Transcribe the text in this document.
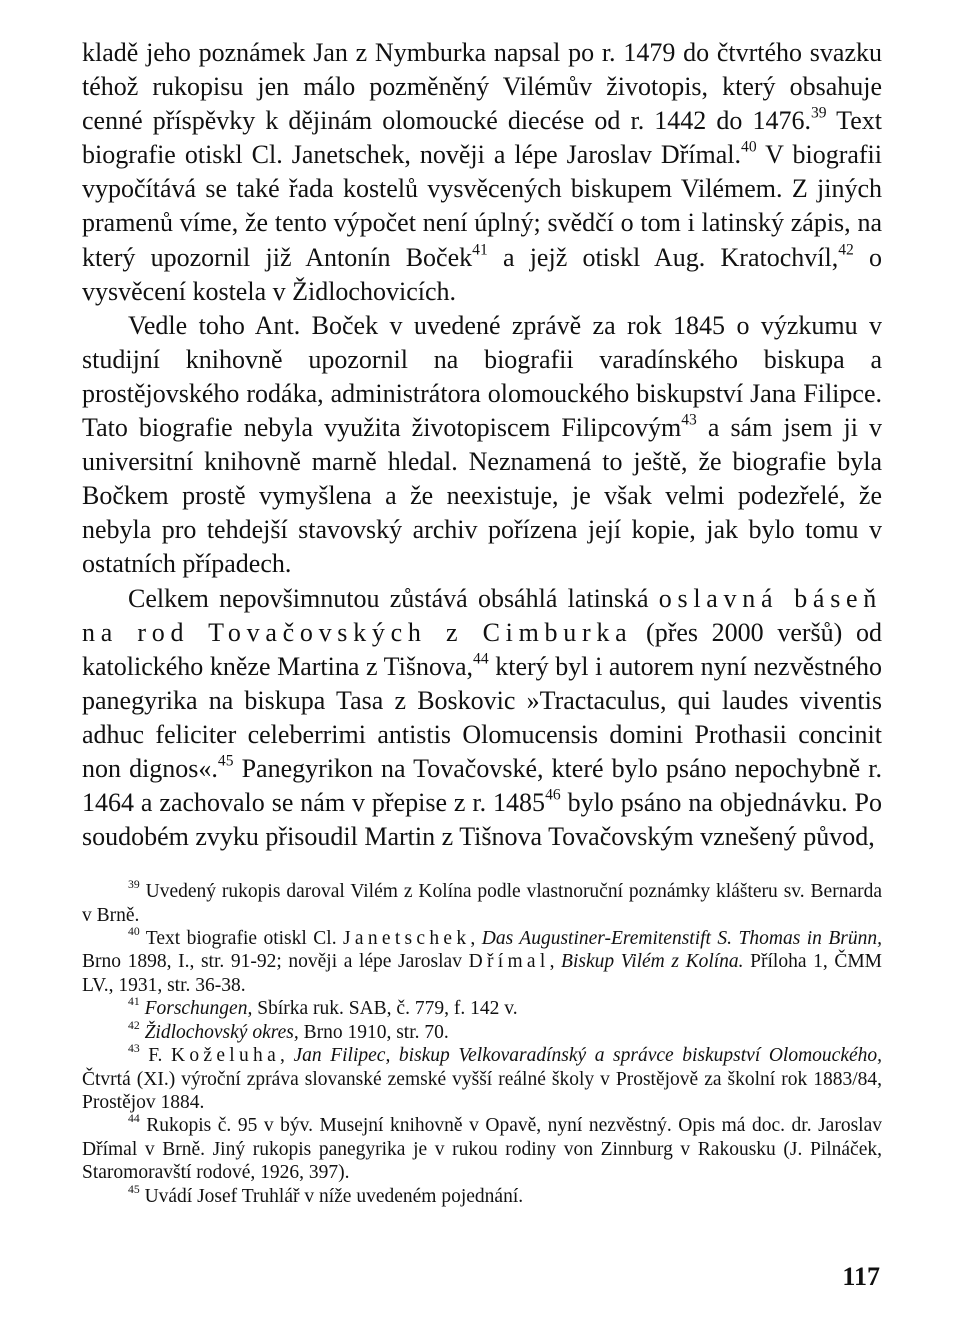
kladě jeho poznámek Jan z Nymburka napsal po r. 1479 do čtvrtého svazku téhož rukopisu jen málo pozměněný Vilémův životopis, který obsahuje cenné příspěvky k dějinám olomoucké diecése od r. 1442 do 1476.39 Text biografie otiskl Cl. Janetschek, nověji a lépe Jaroslav Dřímal.$^{40}$ V biografii vypočítává se také řada kostelů vysvěcených biskupem Vilémem. Z jiných pramenů víme, že tento výpočet není úplný; svědčí o tom i latinský zápis, na který upozornil již Antonín Boček$^{41}$ a jejž otiskl Aug. Kratochvíl,$^{42}$ o vysvěcení kostela v Židlochovicích.

Vedle toho Ant. Boček v uvedené zprávě za rok 1845 o výzkumu v studijní knihovně upozornil na biografii varadínského biskupa a prostějovského rodáka, administrátora olomouckého biskupství Jana Filipce. Tato biografie nebyla využita životopiscem Filipcovým$^{43}$ a sám jsem ji v universitní knihovně marně hledal. Neznamená to ještě, že biografie byla Bočkem prostě vymyšlena a že neexistuje, je však velmi podezřelé, že nebyla pro tehdejší stavovský archiv pořízena její kopie, jak bylo tomu v ostatních případech.

Celkem nepovšimnutou zůstává obsáhlá latinská oslavná báseň na rod Tovačovských z Cimburka (přes 2000 veršů) od katolického kněze Martina z Tišnova,$^{44}$ který byl i autorem nyní nezvěstného panegyrika na biskupa Tasa z Boskovic »Tractaculus, qui laudes viventis adhuc feliciter celeberrimi antistis Olomucensis domini Prothasii concinit non dignos«.$^{45}$ Panegyrikon na Tovačovské, které bylo psáno nepochybně r. 1464 a zachovalo se nám v přepise z r. 1485$^{46}$ bylo psáno na objednávku. Po soudobém zvyku přisoudil Martin z Tišnova Tovačovským vznešený původ,

$^{39}$ Uvedený rukopis daroval Vilém z Kolína podle vlastnoruční poznámky klášteru sv. Bernarda v Brně.

$^{40}$ Text biografie otiskl Cl. Janetschek, Das Augustiner-Eremitenstift S. Thomas in Brünn, Brno 1898, I., str. 91-92; nověji a lépe Jaroslav Dřímal, Biskup Vilém z Kolína. Příloha 1, ČMM LV., 1931, str. 36-38.

$^{41}$ Forschungen, Sbírka ruk. SAB, č. 779, f. 142 v.

$^{42}$ Židlochovský okres, Brno 1910, str. 70.

$^{43}$ F. Koželuha, Jan Filipec, biskup Velkovaradínský a správce biskupství Olomouckého, Čtvrtá (XI.) výroční zpráva slovanské zemské vyšší reálné školy v Prostějově za školní rok 1883/84, Prostějov 1884.

$^{44}$ Rukopis č. 95 v býv. Musejní knihovně v Opavě, nyní nezvěstný. Opis má doc. dr. Jaroslav Dřímal v Brně. Jiný rukopis panegyrika je v rukou rodiny von Zinnburg v Rakousku (J. Pilnáček, Staromoravští rodové, 1926, 397).

$^{45}$ Uvádí Josef Truhlář v níže uvedeném pojednání.

117
